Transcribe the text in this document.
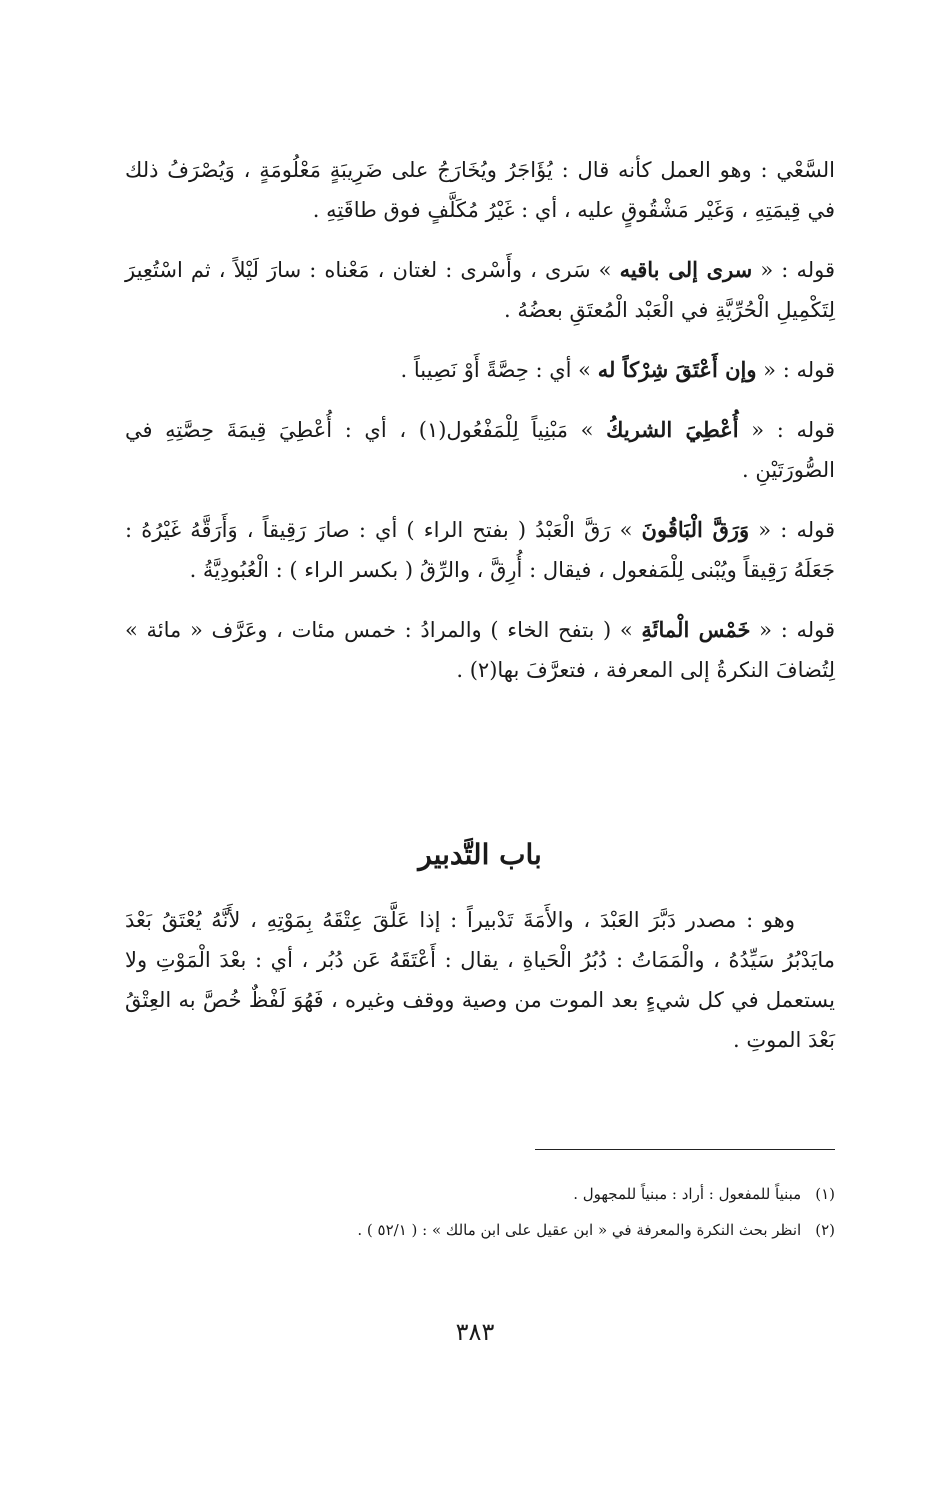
السَّعْي : وهو العمل كأنه قال : يُؤَاجَرُ ويُخَارَجُ على ضَرِيبَةٍ مَعْلُومَةٍ ، وَيُصْرَفُ ذلك في قِيمَتِهِ ، وَغَيْر مَشْقُوقٍ عليه ، أي : غَيْرُ مُكَلَّفٍ فوق طاقَتِهِ .

قوله : « سرى إلى باقيه » سَرى ، وأَسْرى : لغتان ، مَعْناه : سارَ لَيْلاً ، ثم اسْتُعِيرَ لِتَكْمِيلِ الْحُرِّيَّةِ في الْعَبْد الْمُعتَقِ بعضُهُ .

قوله : « وإن أَعْتَقَ شِرْكاً له » أي : حِصَّةً أَوْ نَصِيباً .

قوله : « أُعْطِيَ الشريكُ » مَبْنِياً لِلْمَفْعُول(١) ، أي : أُعْطِيَ قِيمَةَ حِصَّتِهِ في الصُّورَتَيْنِ .

قوله : « وَرَقَّ الْبَاقُونَ » رَقَّ الْعَبْدُ ( بفتح الراء ) أي : صارَ رَقِيقاً ، وَأَرَقَّهُ غَيْرُهُ : جَعَلَهُ رَقِيقاً ويُبْنى لِلْمَفعول ، فيقال : أُرِقَّ ، والرِّقُ ( بكسر الراء ) : الْعُبُودِيَّةُ .

قوله : « خَمْس الْمائَةِ » ( بتفح الخاء ) والمرادُ : خمس مئات ، وعَرَّف « مائة » لِتُضافَ النكرةُ إلى المعرفة ، فتعرَّفَ بها(٢) .

باب التَّدبير

وهو : مصدر دَبَّرَ العَبْدَ ، والأَمَةَ تَدْبيراً : إذا عَلَّقَ عِتْقَهُ بِمَوْتِهِ ، لأَنَّهُ يُعْتَقُ بَعْدَ مايَدْبُرُ سَيِّدُهُ ، والْمَمَاتُ : دُبُرُ الْحَياةِ ، يقال : أَعْتَقَهُ عَن دُبُر ، أي : بعْدَ الْمَوْتِ ولا يستعمل في كل شيءٍ بعد الموت من وصية ووقف وغيره ، فَهُوَ لَفْظٌ خُصَّ به العِتْقُ بَعْدَ الموتِ .

(١)مبنياً للمفعول : أراد : مبنياً للمجهول .
(٢)انظر بحث النكرة والمعرفة في « ابن عقيل على ابن مالك » : ( ٥٢/١ ) .
٣٨٣
